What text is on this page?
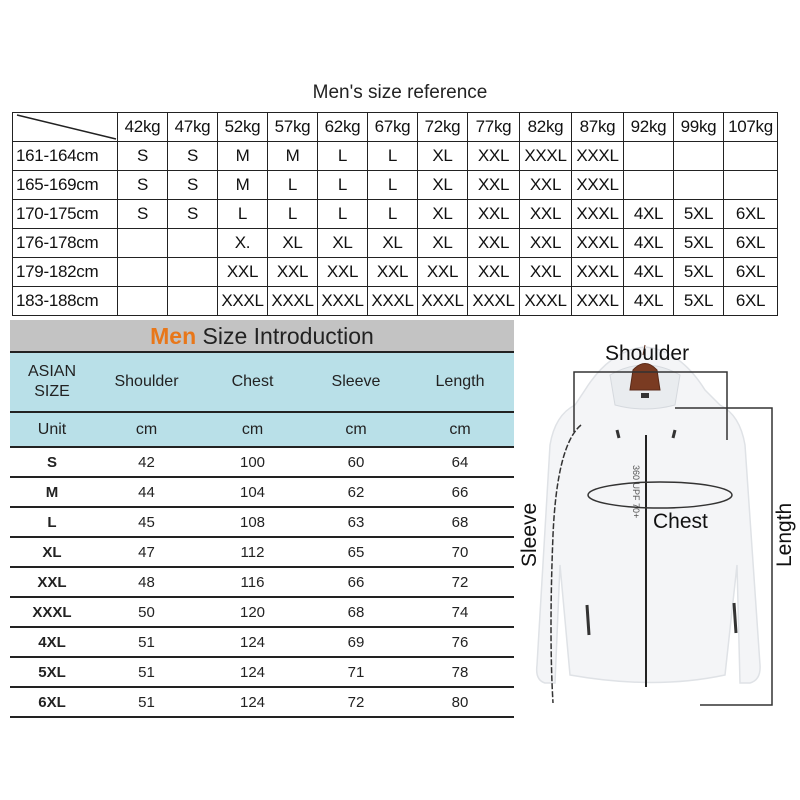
Men's size reference
	42kg	47kg	52kg	57kg	62kg	67kg	72kg	77kg	82kg	87kg	92kg	99kg	107kg
161-164cm	S	S	M	M	L	L	XL	XXL	XXXL	XXXL			
165-169cm	S	S	M	L	L	L	XL	XXL	XXL	XXXL			
170-175cm	S	S	L	L	L	L	XL	XXL	XXL	XXXL	4XL	5XL	6XL
176-178cm			X.	XL	XL	XL	XL	XXL	XXL	XXXL	4XL	5XL	6XL
179-182cm			XXL	XXL	XXL	XXL	XXL	XXL	XXL	XXXL	4XL	5XL	6XL
183-188cm			XXXL	XXXL	XXXL	XXXL	XXXL	XXXL	XXXL	XXXL	4XL	5XL	6XL
Men Size Introduction
ASIAN
SIZE
Shoulder	Chest	Sleeve	Length
Unit	cm	cm	cm	cm
S	42	100	60	64
M	44	104	62	66
L	45	108	63	68
XL	47	112	65	70
XXL	48	116	66	72
XXXL	50	120	68	74
4XL	51	124	69	76
5XL	51	124	71	78
6XL	51	124	72	80
360 UPF 70+
Shoulder
Chest
Sleeve	Length
